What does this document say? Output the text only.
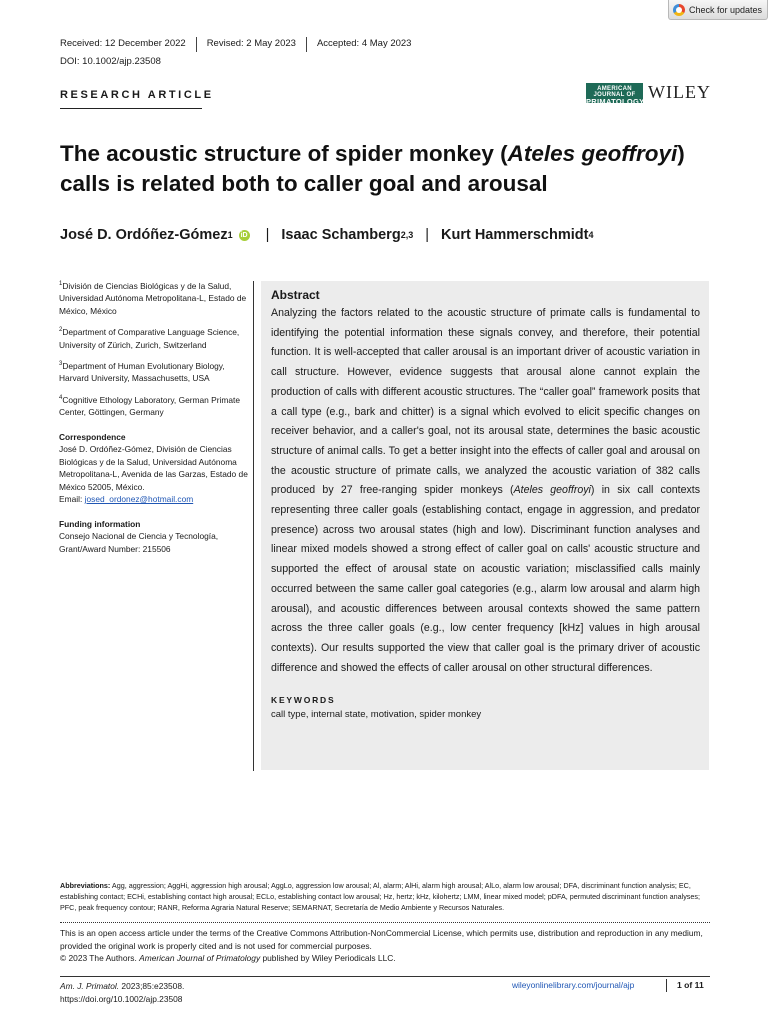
Check for updates
Received: 12 December 2022	Revised: 2 May 2023	Accepted: 4 May 2023
DOI: 10.1002/ajp.23508
RESEARCH ARTICLE	AMERICAN JOURNAL OF
PRIMATOLOGY WILEY
The acoustic structure of spider monkey (Ateles geoffroyi) calls is related both to caller goal and arousal
José D. Ordóñez-Gómez 1 iD | Isaac Schamberg 2,3 | Kurt Hammerschmidt 4

$^1$División de Ciencias Biológicas y de la Salud, Universidad Autónoma Metropolitana-L, Estado de México, México

$^2$Department of Comparative Language Science, University of Zürich, Zurich, Switzerland

$^3$Department of Human Evolutionary Biology, Harvard University, Massachusetts, USA

$^4$Cognitive Ethology Laboratory, German Primate Center, Göttingen, Germany

Correspondence

José D. Ordóñez-Gómez, División de Ciencias Biológicas y de la Salud, Universidad Autónoma Metropolitana-L, Avenida de las Garzas, Estado de México 52005, México.
Email: josed_ordonez@hotmail.com

Funding information

Consejo Nacional de Ciencia y Tecnología, Grant/Award Number: 215506

Abstract
Analyzing the factors related to the acoustic structure of primate calls is fundamental to identifying the potential information these signals convey, and therefore, their potential function. It is well-accepted that caller arousal is an important driver of acoustic variation in call structure. However, evidence suggests that arousal alone cannot explain the production of calls with different acoustic structures. The “caller goal” framework posits that a call type (e.g., bark and chitter) is a signal which evolved to elicit specific changes on receiver behavior, and a caller's goal, not its arousal state, determines the basic acoustic structure of animal calls. To get a better insight into the effects of caller goal and arousal on the acoustic structure of primate calls, we analyzed the acoustic variation of 382 calls produced by 27 free-ranging spider monkeys (Ateles geoffroyi) in six call contexts representing three caller goals (establishing contact, engage in aggression, and predator presence) across two arousal states (high and low). Discriminant function analyses and linear mixed models showed a strong effect of caller goal on calls' acoustic structure and supported the effect of arousal state on acoustic variation; misclassified calls mainly occurred between the same caller goal categories (e.g., alarm low arousal and alarm high arousal), and acoustic differences between arousal contexts showed the same pattern across the three caller goals (e.g., low center frequency [kHz] values in high arousal contexts). Our results supported the view that caller goal is the primary driver of acoustic difference and showed the effects of caller arousal on other structural differences.
KEYWORDS
call type, internal state, motivation, spider monkey
Abbreviations: Agg, aggression; AggHi, aggression high arousal; AggLo, aggression low arousal; Al, alarm; AlHi, alarm high arousal; AlLo, alarm low arousal; DFA, discriminant function analysis; EC, establishing contact; ECHi, establishing contact high arousal; ECLo, establishing contact low arousal; Hz, hertz; kHz, kilohertz; LMM, linear mixed model; pDFA, permuted discriminant function analyses; PFC, peak frequency contour; RANR, Reforma Agraria Natural Reserve; SEMARNAT, Secretaría de Medio Ambiente y Recursos Naturales.
This is an open access article under the terms of the Creative Commons Attribution-NonCommercial License, which permits use, distribution and reproduction in any medium, provided the original work is properly cited and is not used for commercial purposes.
© 2023 The Authors. American Journal of Primatology published by Wiley Periodicals LLC.
Am. J. Primatol. 2023;85:e23508.
https://doi.org/10.1002/ajp.23508
wileyonlinelibrary.com/journal/ajp	1 of 11
